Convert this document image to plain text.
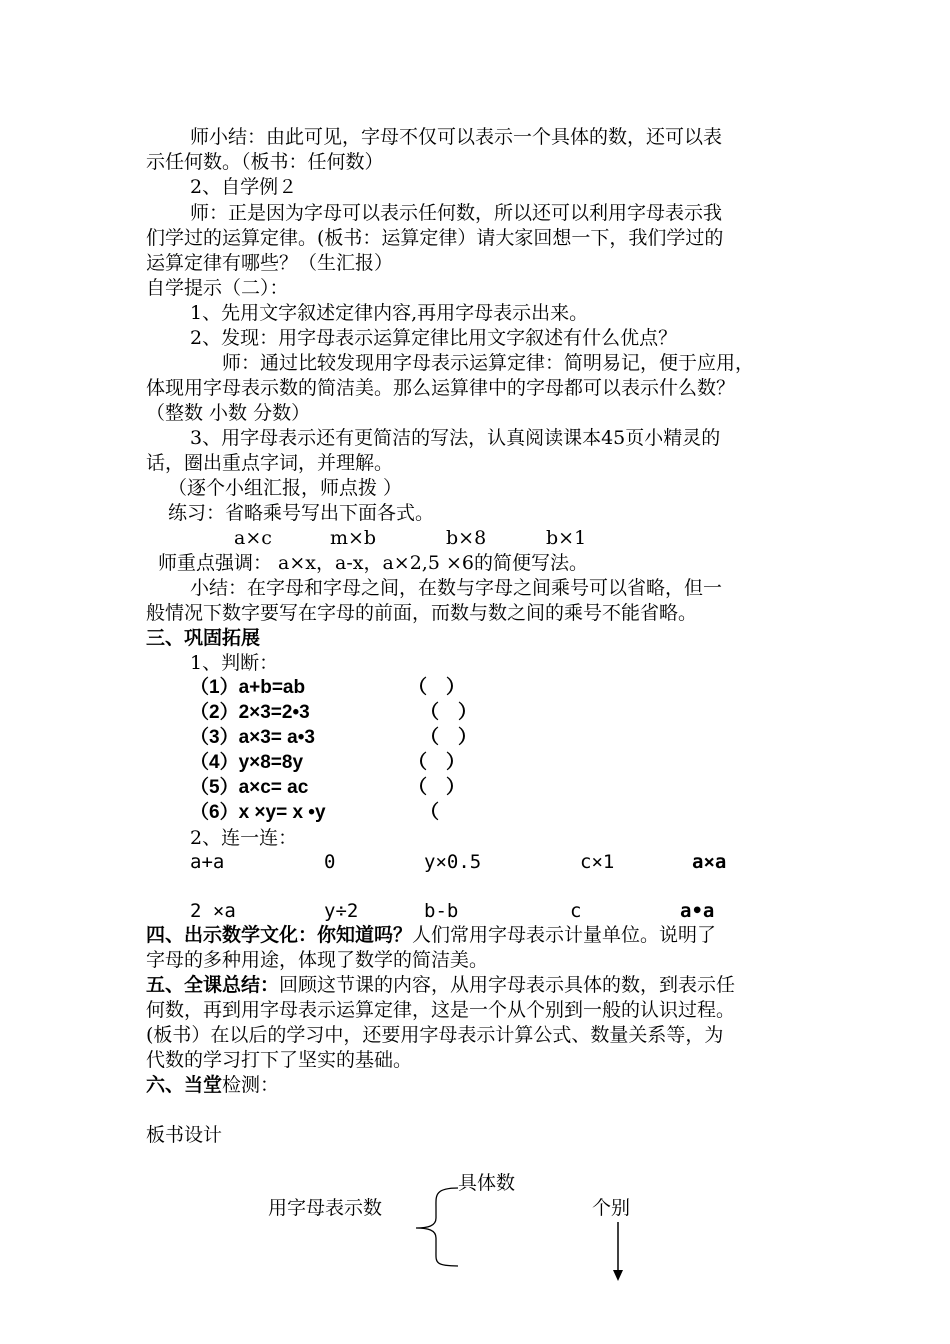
师小结：由此可见，字母不仅可以表示一个具体的数，还可以表
示任何数。（板书：任何数）
2、自学例２
师：正是因为字母可以表示任何数，所以还可以利用字母表示我
们学过的运算定律。(板书：运算定律）请大家回想一下，我们学过的
运算定律有哪些？（生汇报）
自学提示（二）：
1、先用文字叙述定律内容,再用字母表示出来。
2、发现：用字母表示运算定律比用文字叙述有什么优点？
师：通过比较发现用字母表示运算定律：简明易记，便于应用，
体现用字母表示数的简洁美。那么运算律中的字母都可以表示什么数？
（整数 小数 分数）
3、用字母表示还有更简洁的写法，认真阅读课本45页小精灵的
话，圈出重点字词，并理解。
（逐个小组汇报，师点拨 ）
练习：省略乘号写出下面各式。
a×c	m×b	b×8	b×1
师重点强调： a×x，a-x，a×2,5 ×6的简便写法。
小结：在字母和字母之间，在数与字母之间乘号可以省略，但一
般情况下数字要写在字母的前面，而数与数之间的乘号不能省略。
三、巩固拓展
1、判断：
（1）a+b=ab	（　）
（2）2×3=2•3	（　）
（3）a×3= a•3	（　）
（4）y×8=8y	（　）
（5）a×c= ac	（　）
（6）x ×y= x •y	（
2、连一连：
a+a	0	y×0.5	c×1	a×a
2 ×a	y÷2	b-b	c	a•a
四、出示数学文化：你知道吗？人们常用字母表示计量单位。说明了
字母的多种用途，体现了数学的简洁美。
五、全课总结：回顾这节课的内容，从用字母表示具体的数，到表示任
何数，再到用字母表示运算定律，这是一个从个别到一般的认识过程。
(板书）在以后的学习中，还要用字母表示计算公式、数量关系等，为
代数的学习打下了坚实的基础。
六、当堂检测：
板书设计
具体数
用字母表示数	个别
